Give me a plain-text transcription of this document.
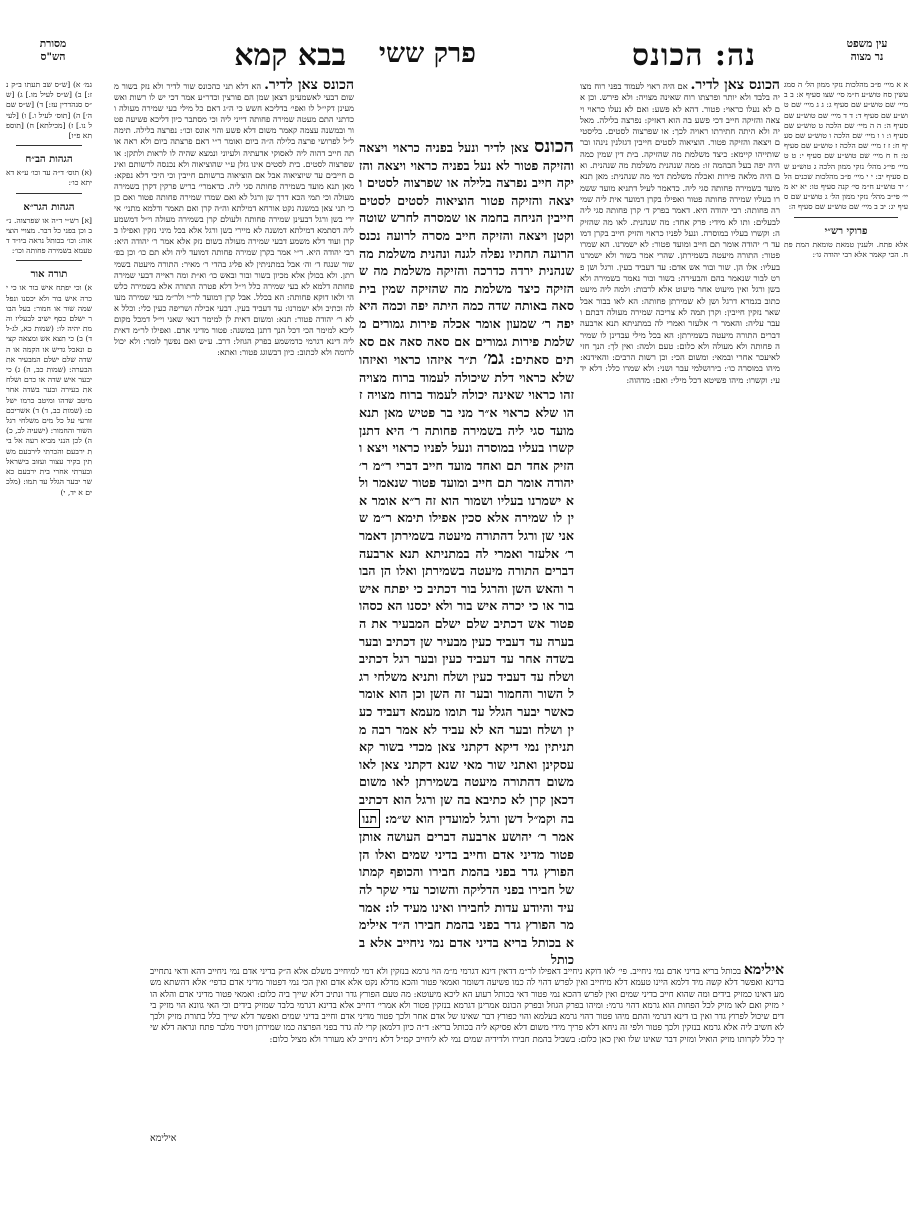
עין משפט
נר מצוה
נה: הכונס
פרק ששי
בבא קמא
מסורת
הש"ס
א א מיי׳ פ״ב מהלכות נזקי ממון הל׳ ה סמג עשין סח טוש״ע ח״מ סי׳ שצו סעיף א: ב ב מיי׳ שם טוש״ע שם סעיף ג: ג ג מיי׳ שם טוש״ע שם סעיף ד: ד ד מיי׳ שם טוש״ע שם סעיף ה: ה ה מיי׳ שם הלכה ט טוש״ע שם סעיף ו: ו ו מיי׳ שם הלכה ו טוש״ע שם סעיף ח: ז ז מיי׳ שם הלכה ז טוש״ע שם סעיף ט: ח ח מיי׳ שם טוש״ע שם סעיף י: ט ט מיי׳ פי״ג מהל׳ נזקי ממון הלכה ג טוש״ע שם סעיף יב: י י מיי׳ פ״ב מהלכות שכנים הל׳ יד טוש״ע ח״מ סי׳ קנה סעיף טו: יא יא מיי׳ פי״ב מהל׳ נזקי ממון הל׳ ג טוש״ע שם סעיף יג: יב ב מיי׳ שם טוש״ע שם סעיף ה:
פרוקי רש״י
אלא פתח. ולענין טמאת טומאת המת פתח. הכי קאמר אלא רבי יהודה גו׳:
הכונס צאן לדיר. אם היה ראוי לעמוד בפני רוח מצויה בלבד ולא יותר ופרצתו רוח שאינה מצויה: ולא פירש. וכן אם לא נעלו כראוי: פטור. דהא לא פשע: ואם לא נעלו כראוי ויצאה והזיקה חייב דכי פשע בה הוא דאזיק: נפרצה בלילה. מאליה ולא היתה חתירתו ראויה לכך: או שפרצוה לסטים. בליסטים ויצאה והזיקה פטור. הוציאוה לסטים חייבין דגזלנין נינהו וברשותייהו קיימא: כיצד משלמת מה שהזיקה. בית דין שמין כמה היה יפה בעל הבהמה זו: ממה שנהנית משלמת מה שנהנית. ואם היה מלאה פירות ואכלה משלמת דמי מה שנהנית: מאן תנא מועד בשמירה פחותה סגי ליה. כדאמר לעיל דתניא מועד ששמרו בעליו שמירה פחותה פטור ואפילו בקרן דמועד אית ליה שמירה פחותה: רבי יהודה היא. דאמר בפרק ד׳ קרן פחותה סגי ליה לבעלים: ותו לא מידי: פרק אחד: מה שנהנית. לאו מה שהזיקה: וקשרו בעליו במוסרה. ונעל לפניו כראוי והזיק חייב בקרן דמועד ר׳ יהודה אומר תם חייב ומועד פטור: לא ישמרנו. הא שמרו פטור: התורה מיעטה בשמירתן. שהרי אמר בשור ולא ישמרנו בעליו: אלו הן. שור ובור אש אדם: עד דעביד בעין. ורגל ושן פרט לבור שנאמר בהם והבעירה: בשור ובור נאמר בשמירה ולא בשן ורגל ואין מיעוט אחר מיעוט אלא לרבות: ולמה ליה מיעט כתוב בגמרא דרגל ושן לא שמירתן פחותה: הא לאו בבור אבל שאר נזקין חייבין: וקרן תמה לא צריכה שמירה מעולה דבתם ועבר עליה: והאמר ר׳ אלעזר ואמרי לה במתניתא תנא ארבעה דברים התורה מיעטה בשמירתן: הא בכל מילי עבדינן לו שמירה פחותה ולא מעולה ולא כלום: טעם ולמה: ואין לך: הנך חזי לאיעכר אחרי ובמאי: ומשום הכי: וכן רשות הרבים: והאידנא: מיהו במוסרה כו׳: בירושלמי עבר ושני: ולא שמרו כלל: דלא ידעי: וקשרו: מיהו פשיטא דכל מילי: ואם: מדהוה:
הכונס צאן לדיר ונעל בפניה כראוי ויצאה והזיקה פטור לא נעל בפניה כראוי ויצאה והזיקה חייב נפרצה בלילה או שפרצוה לסטים ויצאה והזיקה פטור הוציאוה לסטים לסטים חייבין הניחה בחמה או שמסרה לחרש שוטה וקטן ויצאה והזיקה חייב מסרה לרועה נכנס הרועה תחתיו נפלה לגנה ונהנית משלמת מה שנהנית ירדה כדרכה והזיקה משלמת מה שהזיקה כיצד משלמת מה שהזיקה שמין בית סאה באותה שדה כמה היתה יפה וכמה היא יפה ר׳ שמעון אומר אכלה פירות גמורים משלמת פירות גמורים אם סאה סאה אם סאתים סאתים: גמ׳ ת״ר איזהו כראוי ואיזהו שלא כראוי דלת שיכולה לעמוד ברוח מצויה זהו כראוי שאינה יכולה לעמוד ברוח מצויה זהו שלא כראוי א״ר מני בר פטיש מאן תנא מועד סגי ליה בשמירה פחותה ר׳ היא דתנן קשרו בעליו במוסרה ונעל לפניו כראוי ויצא והזיק אחד תם ואחד מועד חייב דברי ר״מ ר׳ יהודה אומר תם חייב ומועד פטור שנאמר ולא ישמרנו בעליו ושמור הוא זה ר״א אומר אין לו שמירה אלא סכין אפילו תימא ר״מ שאני שן ורגל דהתורה מיעטה בשמירתן דאמר ר׳ אלעזר ואמרי לה במתניתא תנא ארבעה דברים התורה מיעטה בשמירתן ואלו הן הבור והאש השן והרגל בור דכתיב כי יפתח איש בור או כי יכרה איש בור ולא יכסנו הא כסהו פטור אש דכתיב שלם ישלם המבעיר את הבערה עד דעביד כעין מבעיר שן דכתיב ובער בשדה אחר עד דעביד כעין ובער רגל דכתיב ושלח עד דעביד כעין ושלח ותניא משלחי רגל השור והחמור ובער זה השן וכן הוא אומר כאשר יבער הגלל עד תומו מעמא דעביד כעין ושלח ובער הא לא עביד לא אמר רבה מתניתין נמי דיקא דקתני צאן מכדי בשור קא עסקינן ואתני שור מאי שנא דקתני צאן לאו משום דהתורה מיעטה בשמירתן לאו משום דכאן קרן לא כתיבא בה שן ורגל הוא דכתיב בה וקמ״ל דשן ורגל למועדין הוא ש״מ: תנו אמר ר׳ יהושע ארבעה דברים העושה אותן פטור מדיני אדם וחייב בדיני שמים ואלו הן הפורץ גדר בפני בהמת חבירו והכופף קמתו של חבירו בפני הדליקה והשוכר עדי שקר להעיד והיודע עדות לחבירו ואינו מעיד לו: אמר מר הפורץ גדר בפני בהמת חבירו ה״ד אילימא בכותל בריא בדיני אדם נמי ניחייב אלא בכותל
הכונס צאן לדיר. הא דלא תני כהכונס שור לדיר ולא נזק בשור משום דבעי לאשמעינן דצאן שמן הם פורצין וכדר״ע אמר דכי יש לו רשות ואשמעינן דקי״ל לו ואפי׳ בדליכא חשש כי ה״ג דאם כל מילי בעי שמירה מעולה וכדתני התם מעטה שמירה פחותה דייני ליה וכי מסתבר כיון דליכא פשיעה פטור ובמשנה עצמה קאמר משום דלא פשע והוי אונס וכו׳: נפרצה בלילה. תימה ל״ל לפרושי פרצה בלילה ה״ה ביום ואומר ר״י דאם פרצתה ביום ולא ראה אותה חייב דהוה ליה לאסוקי אדעתיה ולעיוני ונמצא שהיה לו לראות ולתקן: או שפרצוה לסטים. בית לסטים אינו גזלן ע״י שהוציאוה ולא נכנסה לרשותם ואינם חייבים עד שיוציאוה אבל אם הוציאוה ברשותם חייבין וכי היכי דלא נפקא: מאן תנא מועד בשמירה פחותה סגי ליה. כדאמרי׳ בריש פרקין דקרן בשמירה מעולה וכי תמי הכא דרך שן ורגל לא ואם שמרו שמירה פחותה פטור ואם כן כי תני צאן במשנה נקט אורחא דמילתא וה״ה קרן ואם תאמר ודלמא מתני׳ איירי בשן ורגל דבעינן שמירה פחותה ולעולם קרן בשמירה מעולה וי״ל דמשמע ליה דסתמא דמילתא דמשנה לא מיירי בשן ורגל אלא בכל מיני נזקין ואפילו בקרן ועוד דלא משמע דבעי שמירה מעולה בשום נזק אלא אמר ר׳ יהודה היא: רבי יהודה היא. ר״י אמר בקרן שמירה פחותה דמועד ליה ולא תם כו׳ וכן בפ׳ שור שנגח ד׳ וה׳ אבל במתניתין לא פליג בהדי ר׳ מאיר: התורה מיעטה בשמירתן. ולא בכולן אלא מכיון בשור ובור ובאש כו׳ וא״ת ומה ראייה דבעי שמירה פחותה דלמא לא בעי שמירה כלל וי״ל דלא פטרה התורה אלא בשמירה כלשהי ולאו דוקא פחותה: הא בכלל. אבל קרן דמועד לר״י ולר״מ בעי שמירה מעולה וכתיב ולא ישמרנו: עד דעביד בעין. דבעי אכילה ושריפה כעין כלי: וכלל אלא ר׳ יהודה פטור: תנא: ומשום דאית לן למימר דנאי שאני וי״ל דמכל מקום ליכא למימר הכי דכל הנך דתנן במשנה: פטור מדיני אדם. ואפילו לר״מ דאית ליה דינא דגרמי כדמשמע בפרק הגוזל: דרב. ע״ש ואם נפשך לומר: ולא יכול לרומה ולא לכתוב: כיון דבשוגג פטור: ואתא:
גמ׳ א) [ש״ס שב תעתו ב״ק נז:] ב) [ש״ס לעיל מו.] ג) [ש״ס סנהדרין עז:] ד) [ש״ס שם ה׳] ה) [תוס׳ לעיל ו.] ו) [לעיל נו.] ז) [מכילתא] ח) [תוספתא פ״ו]
הגהות הב״ח
(א) תוס׳ ד״ה עד וכו׳ ע״א דאיתא כו׳:
הגהות הגר״א
[א] רש״י ד״ה או שפרצוה. נ״ב וכן בפני כל דבר. מצויי הוציאוה: וכו׳ בכותל נראה ביו״ד דטעמא בשמירה פחותה וכו׳:
תורה אור
א) וכי יפתח איש בור או כי יכרה איש בור ולא יכסנו ונפל שמה שור או חמור: בעל הבור ישלם כסף ישיב לבעליו והמת יהיה לו: (שמות כא, לג-לד) ב) כי תצא אש ומצאה קצים ונאכל גדיש או הקמה או השדה שלם ישלם המבעיר את הבערה: (שמות כב, ה) ג) כי יבער איש שדה או כרם ושלח את בעירה ובער בשדה אחר מיטב שדהו ומיטב כרמו ישלם: (שמות כב, ד) ד) אשריכם זורעי על כל מים משלחי רגל השור והחמור: (ישעיה לב, כ) ה) לכן הנני מביא רעה אל בית ירבעם והכרתי לירבעם משתין בקיר עצור ועזוב בישראל ובערתי אחרי בית ירבעם כאשר יבער הגלל עד תמו: (מלכים א יד, י)
אילימא בכותל בריא בדיני אדם נמי ניחייב. פי׳ לאו דוקא ניחייב דאפילו לר״מ דדאין דינא דגרמי מ״מ הוי גרמא בנזקין ולא דמי למיחייב משלם אלא ה״ק בדיני אדם נמי ניחייב דהא ודאי נתחייב בדינא ואפשר דלא קשה מיד דלמא היינו טעמא דלא מיחייב ואין לפרש דהוי לה כמו פשיעה דשומר ואמאי פטור והכא מדלא נקט אלא אדם ואין הכי נמי דפטור מדיני אדם כדפי׳ אלא דהשתא משמע דאינו כמזיק בידים ומה שהוא חייב בדיני שמים ואין לפרש דהכא נמי פטור דאי בכותל רעוע הא ליכא מיעוטא: מה טעם הפורץ גדר ונתיב דלא שייך ביה כלום: ואמאי פטור מדיני אדם והלא הוי מזיק ואם לאו מזיק לכל הפחות הוא גרמא דהוי גרמי: ומיהו בפרק הגוזל ובפרק הכונס אמרינן דגרמא בנזקין פטור ולא אמרי׳ דחייב אלא בדינא דגרמי בלבד שמזיק בידים וכי האי גוונא הוי מזיק בידים שיכול לפרוץ גדר ואין בו דינא דגרמי והתם מיהו פטור דהוי גרמא בעלמא והוי כפורץ דבר שאינו של אדם אחר ולכך פטור מדיני אדם וחייב בדיני שמים ואפשר דלא שייך כלל בתורת מזיק ולכך לא חשיב ליה אלא גרמא בנזקין ולכך פטור ולפי זה ניחא דלא פריך מידי משום דלא פסיקא ליה בכותל בריא: ד״ה כיון דלמאן קרי לה גדר בפני הפרצה כמו שמירתן ויסיר מלבר פתח ונראה דלא שייך כלל לקרותו מזיק הואיל ומזיק דבר שאינו שלו ואין כאן כלום: בשביל בהמת חבירו ולדידיה שמים נמי לא ליחייב קמ״ל דלא ניחייב לא מעורר ולא מציל כלום:
אילימא
